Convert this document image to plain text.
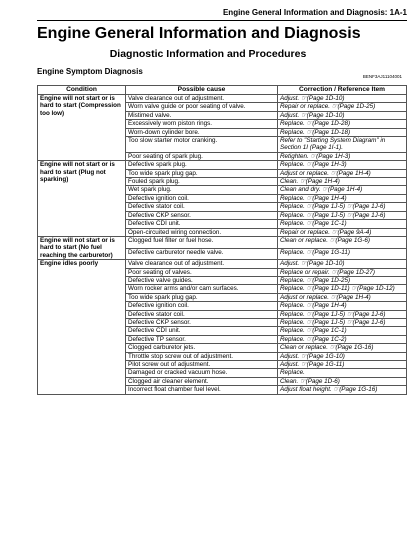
Engine General Information and Diagnosis: 1A-1
Engine General Information and Diagnosis
Diagnostic Information and Procedures
Engine Symptom Diagnosis
BENF3AJ11104001
Condition	Possible cause	Correction / Reference Item
Engine will not start or is hard to start (Compression too low)	Valve clearance out of adjustment.	Adjust. ☞(Page 1D-10)
	Worn valve guide or poor seating of valve.	Repair or replace. ☞(Page 1D-25)
	Mistimed valve.	Adjust. ☞(Page 1D-10)
	Excessively worn piston rings.	Replace. ☞(Page 1D-28)
	Worn-down cylinder bore.	Replace. ☞(Page 1D-18)
	Too slow starter motor cranking.	Refer to "Starting System Diagram" in Section 1I (Page 1I-1).
	Poor seating of spark plug.	Retighten. ☞(Page 1H-3)
Engine will not start or is hard to start (Plug not sparking)	Defective spark plug.	Replace. ☞(Page 1H-3)
	Too wide spark plug gap.	Adjust or replace. ☞(Page 1H-4)
	Fouled spark plug.	Clean. ☞(Page 1H-4)
	Wet spark plug.	Clean and dry. ☞(Page 1H-4)
	Defective ignition coil.	Replace. ☞(Page 1H-4)
	Defective stator coil.	Replace. ☞(Page 1J-5) ☞(Page 1J-6)
	Defective CKP sensor.	Replace. ☞(Page 1J-5) ☞(Page 1J-6)
	Defective CDI unit.	Replace. ☞(Page 1C-1)
	Open-circuited wiring connection.	Repair or replace. ☞(Page 9A-4)
Engine will not start or is hard to start (No fuel reaching the carburetor)	Clogged fuel filter or fuel hose.	Clean or replace. ☞(Page 1G-6)
	Defective carburetor needle valve.	Replace. ☞(Page 1G-11)
Engine idles poorly	Valve clearance out of adjustment.	Adjust. ☞(Page 1D-10)
	Poor seating of valves.	Replace or repair. ☞(Page 1D-27)
	Defective valve guides.	Replace. ☞(Page 1D-25)
	Worn rocker arms and/or cam surfaces.	Replace. ☞(Page 1D-11) ☞(Page 1D-12)
	Too wide spark plug gap.	Adjust or replace. ☞(Page 1H-4)
	Defective ignition coil.	Replace. ☞(Page 1H-4)
	Defective stator coil.	Replace. ☞(Page 1J-5) ☞(Page 1J-6)
	Defective CKP sensor.	Replace. ☞(Page 1J-5) ☞(Page 1J-6)
	Defective CDI unit.	Replace. ☞(Page 1C-1)
	Defective TP sensor.	Replace. ☞(Page 1C-2)
	Clogged carburetor jets.	Clean or replace. ☞(Page 1G-16)
	Throttle stop screw out of adjustment.	Adjust. ☞(Page 1G-10)
	Pilot screw out of adjustment.	Adjust. ☞(Page 1G-11)
	Damaged or cracked vacuum hose.	Replace.
	Clogged air cleaner element.	Clean. ☞(Page 1D-6)
	Incorrect float chamber fuel level.	Adjust float height. ☞(Page 1G-16)
